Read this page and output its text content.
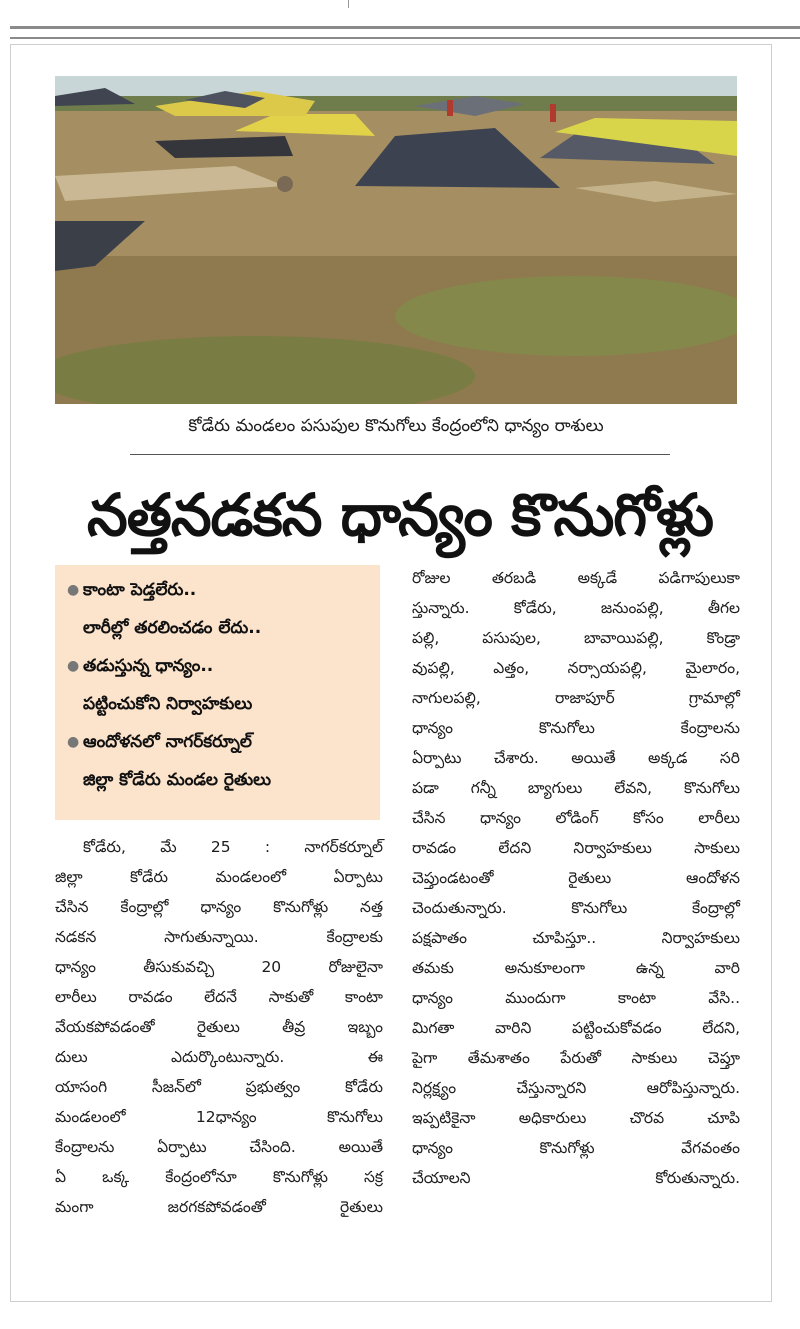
కోడేరు మండలం పసుపుల కొనుగోలు కేంద్రంలోని ధాన్యం రాశులు
నత్తనడకన ధాన్యం కొనుగోళ్లు
● కాంటా పెడ్తలేరు..
లారీల్లో తరలించడం లేదు..
● తడుస్తున్న ధాన్యం..
పట్టించుకోని నిర్వాహకులు
● ఆందోళనలో నాగర్‌కర్నూల్
జిల్లా కోడేరు మండల రైతులు
కోడేరు, మే 25 : నాగర్‌కర్నూల్
జిల్లా కోడేరు మండలంలో ఏర్పాటు
చేసిన కేంద్రాల్లో ధాన్యం కొనుగోళ్లు నత్త
నడకన సాగుతున్నాయి. కేంద్రాలకు
ధాన్యం తీసుకువచ్చి 20 రోజులైనా
లారీలు రావడం లేదనే సాకుతో కాంటా
వేయకపోవడంతో రైతులు తీవ్ర ఇబ్బం
దులు ఎదుర్కొంటున్నారు. ఈ
యాసంగి సీజన్‌లో ప్రభుత్వం కోడేరు
మండలంలో 12ధాన్యం కొనుగోలు
కేంద్రాలను ఏర్పాటు చేసింది. అయితే
ఏ ఒక్క కేంద్రంలోనూ కొనుగోళ్లు సక్ర
మంగా జరగకపోవడంతో రైతులు
రోజుల తరబడి అక్కడే పడిగాపులుకా
స్తున్నారు. కోడేరు, జనుంపల్లి, తీగల
పల్లి, పసుపుల, బావాయిపల్లి, కొండ్రా
వుపల్లి, ఎత్తం, నర్సాయపల్లి, మైలారం,
నాగులపల్లి, రాజాపూర్ గ్రామాల్లో
ధాన్యం కొనుగోలు కేంద్రాలను
ఏర్పాటు చేశారు. అయితే అక్కడ సరి
పడా గన్నీ బ్యాగులు లేవని, కొనుగోలు
చేసిన ధాన్యం లోడింగ్ కోసం లారీలు
రావడం లేదని నిర్వాహకులు సాకులు
చెప్తుండటంతో రైతులు ఆందోళన
చెందుతున్నారు. కొనుగోలు కేంద్రాల్లో
పక్షపాతం చూపిస్తూ.. నిర్వాహకులు
తమకు అనుకూలంగా ఉన్న వారి
ధాన్యం ముందుగా కాంటా వేసి..
మిగతా వారిని పట్టించుకోవడం లేదని,
పైగా తేమశాతం పేరుతో సాకులు చెప్తూ
నిర్లక్ష్యం చేస్తున్నారని ఆరోపిస్తున్నారు.
ఇప్పటికైనా అధికారులు చొరవ చూపి
ధాన్యం కొనుగోళ్లు వేగవంతం
చేయాలని కోరుతున్నారు.
